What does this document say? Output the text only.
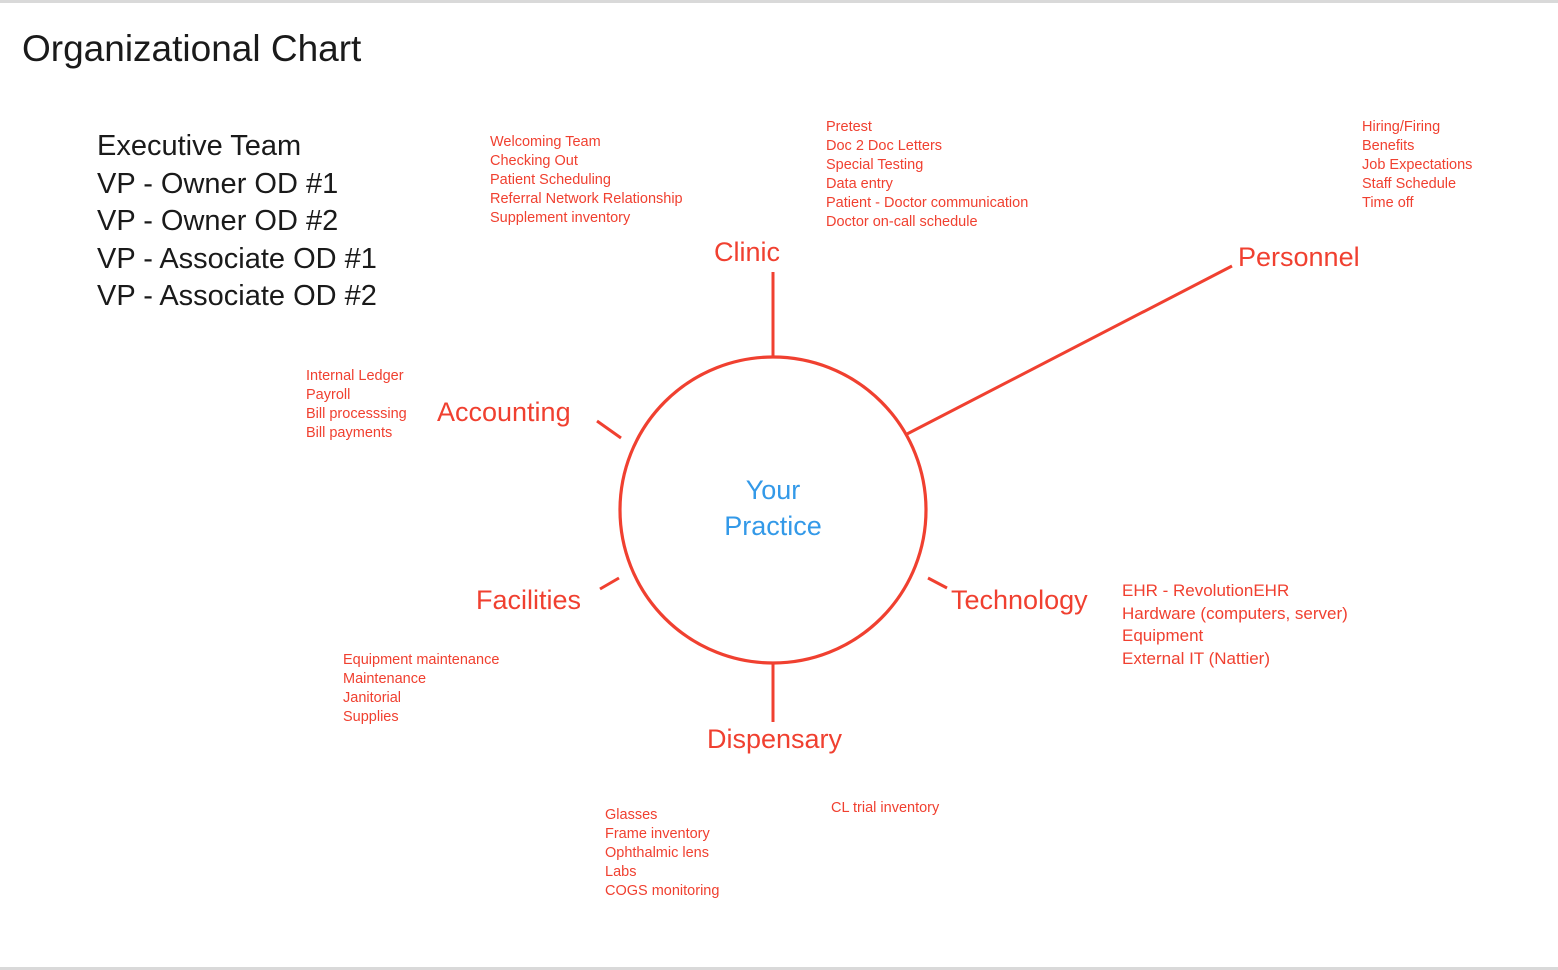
Organizational Chart
Executive Team
VP - Owner OD #1
VP - Owner OD #2
VP - Associate OD #1
VP - Associate OD #2
Your
Practice
Clinic	Personnel
Accounting
Facilities	Technology
Dispensary
Welcoming Team
Checking Out
Patient Scheduling
Referral Network Relationship
Supplement inventory
Pretest
Doc 2 Doc Letters
Special Testing
Data entry
Patient - Doctor communication
Doctor on-call schedule
Hiring/Firing
Benefits
Job Expectations
Staff Schedule
Time off
Internal Ledger
Payroll
Bill processsing
Bill payments
Equipment maintenance
Maintenance
Janitorial
Supplies
EHR - RevolutionEHR
Hardware (computers, server)
Equipment
External IT (Nattier)
Glasses
Frame inventory
Ophthalmic lens
Labs
COGS monitoring
CL trial inventory
